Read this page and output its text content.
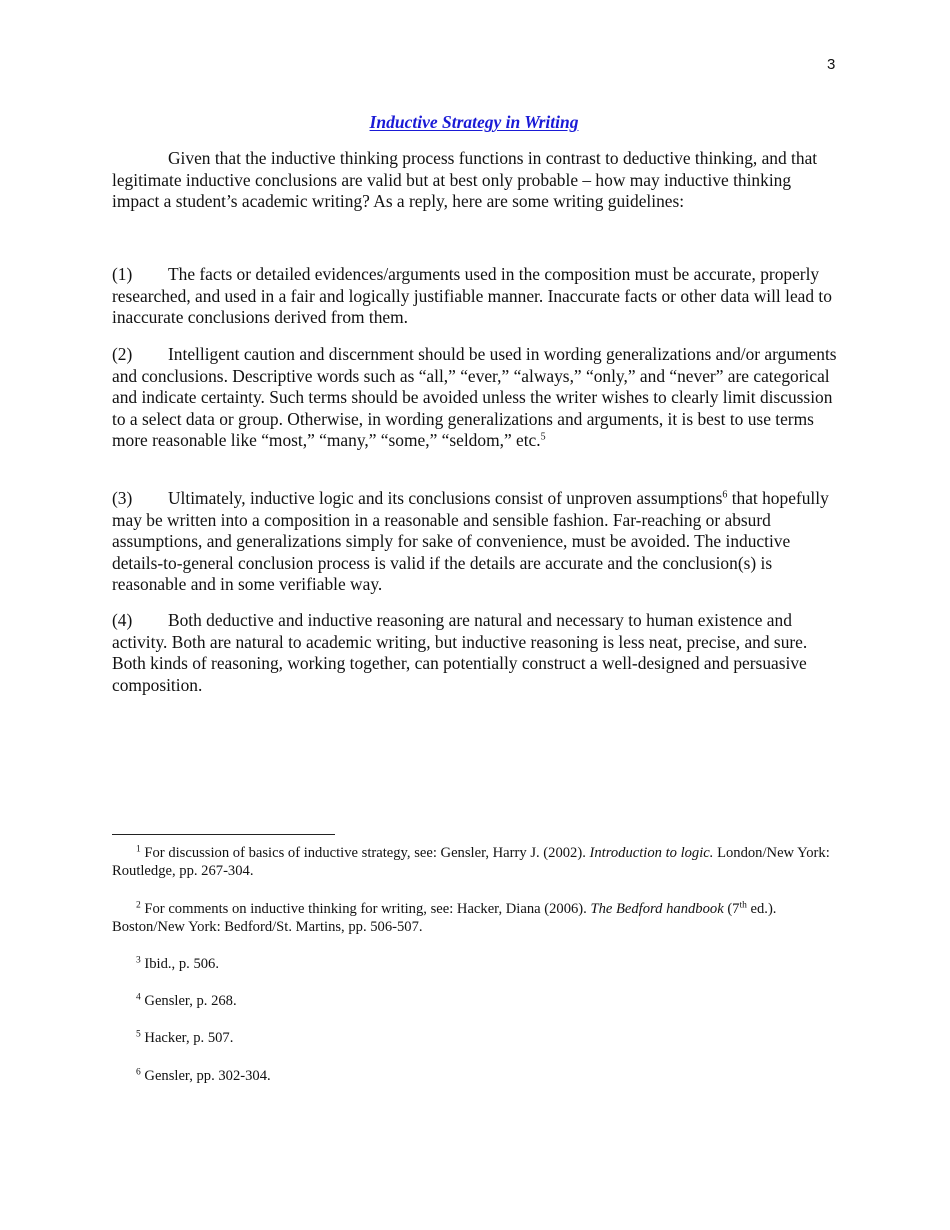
3
Inductive Strategy in Writing

Given that the inductive thinking process functions in contrast to deductive thinking, and that legitimate inductive conclusions are valid but at best only probable – how may inductive thinking impact a student’s academic writing? As a reply, here are some writing guidelines:

(1) The facts or detailed evidences/arguments used in the composition must be accurate, properly researched, and used in a fair and logically justifiable manner. Inaccurate facts or other data will lead to inaccurate conclusions derived from them.

(2) Intelligent caution and discernment should be used in wording generalizations and/or arguments and conclusions. Descriptive words such as “all,” “ever,” “always,” “only,” and “never” are categorical and indicate certainty. Such terms should be avoided unless the writer wishes to clearly limit discussion to a select data or group. Otherwise, in wording generalizations and arguments, it is best to use terms more reasonable like “most,” “many,” “some,” “seldom,” etc.$^5$

(3) Ultimately, inductive logic and its conclusions consist of unproven assumptions$^6$ that hopefully may be written into a composition in a reasonable and sensible fashion. Far-reaching or absurd assumptions, and generalizations simply for sake of convenience, must be avoided. The inductive details-to-general conclusion process is valid if the details are accurate and the conclusion(s) is reasonable and in some verifiable way.

(4) Both deductive and inductive reasoning are natural and necessary to human existence and activity. Both are natural to academic writing, but inductive reasoning is less neat, precise, and sure. Both kinds of reasoning, working together, can potentially construct a well-designed and persuasive composition.

$^1$ For discussion of basics of inductive strategy, see: Gensler, Harry J. (2002). Introduction to logic. London/New York: Routledge, pp. 267-304.

$^2$ For comments on inductive thinking for writing, see: Hacker, Diana (2006). The Bedford handbook (7th ed.). Boston/New York: Bedford/St. Martins, pp. 506-507.

$^3$ Ibid., p. 506.

$^4$ Gensler, p. 268.

$^5$ Hacker, p. 507.

$^6$ Gensler, pp. 302-304.
